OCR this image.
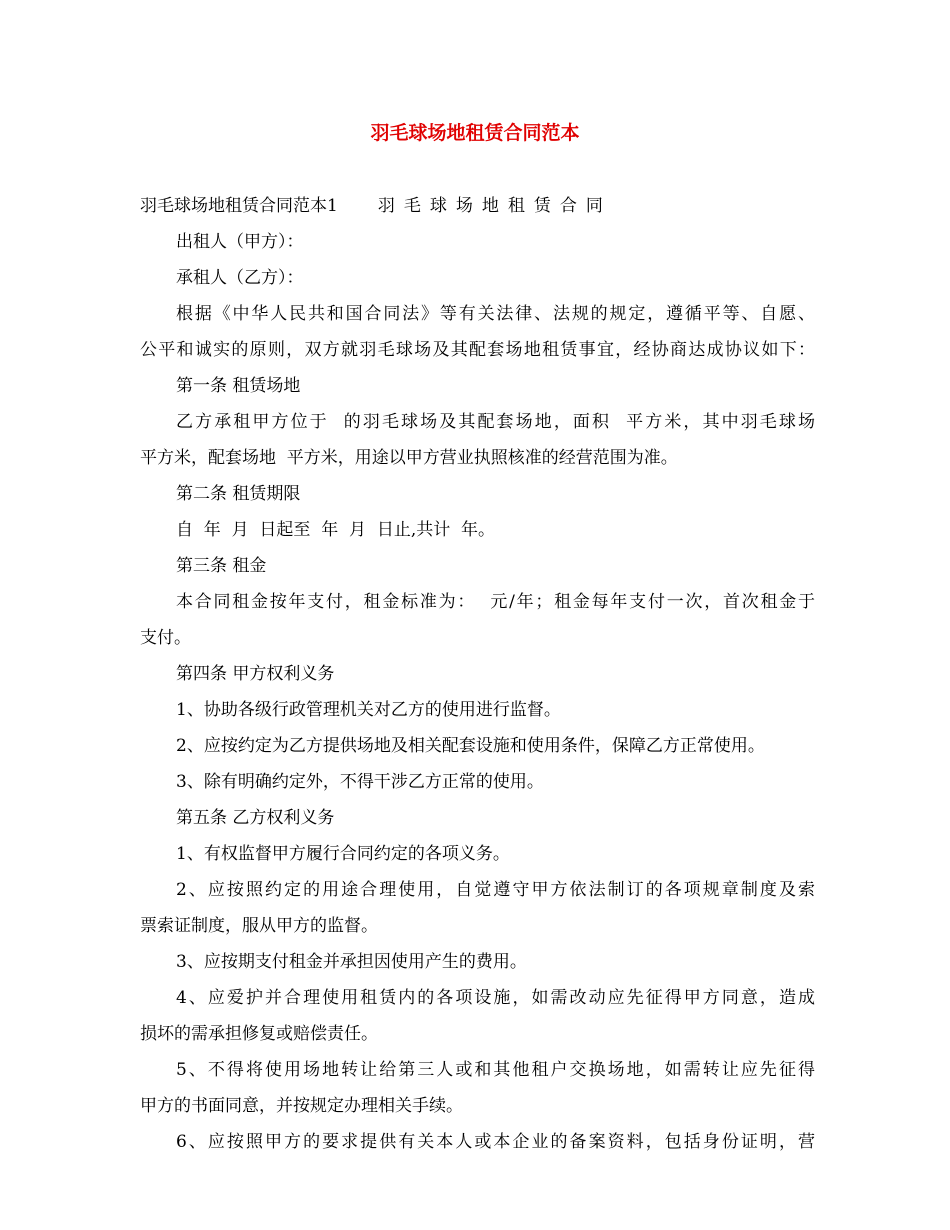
羽毛球场地租赁合同范本
羽毛球场地租赁合同范本1 羽毛球场地租赁合同
出租人（甲方）：
承租人（乙方）：
根据《中华人民共和国合同法》等有关法律、法规的规定，遵循平等、自愿、
公平和诚实的原则，双方就羽毛球场及其配套场地租赁事宜，经协商达成协议如下：
第一条 租赁场地
乙方承租甲方位于  的羽毛球场及其配套场地，面积  平方米，其中羽毛球场
平方米，配套场地  平方米，用途以甲方营业执照核准的经营范围为准。
第二条 租赁期限
自  年  月  日起至  年  月  日止,共计  年。
第三条 租金
本合同租金按年支付，租金标准为：  元/年；租金每年支付一次，首次租金于
支付。
第四条 甲方权利义务
1、协助各级行政管理机关对乙方的使用进行监督。
2、应按约定为乙方提供场地及相关配套设施和使用条件，保障乙方正常使用。
3、除有明确约定外，不得干涉乙方正常的使用。
第五条 乙方权利义务
1、有权监督甲方履行合同约定的各项义务。
2、应按照约定的用途合理使用，自觉遵守甲方依法制订的各项规章制度及索
票索证制度，服从甲方的监督。
3、应按期支付租金并承担因使用产生的费用。
4、应爱护并合理使用租赁内的各项设施，如需改动应先征得甲方同意，造成
损坏的需承担修复或赔偿责任。
5、不得将使用场地转让给第三人或和其他租户交换场地，如需转让应先征得
甲方的书面同意，并按规定办理相关手续。
6、应按照甲方的要求提供有关本人或本企业的备案资料，包括身份证明，营
